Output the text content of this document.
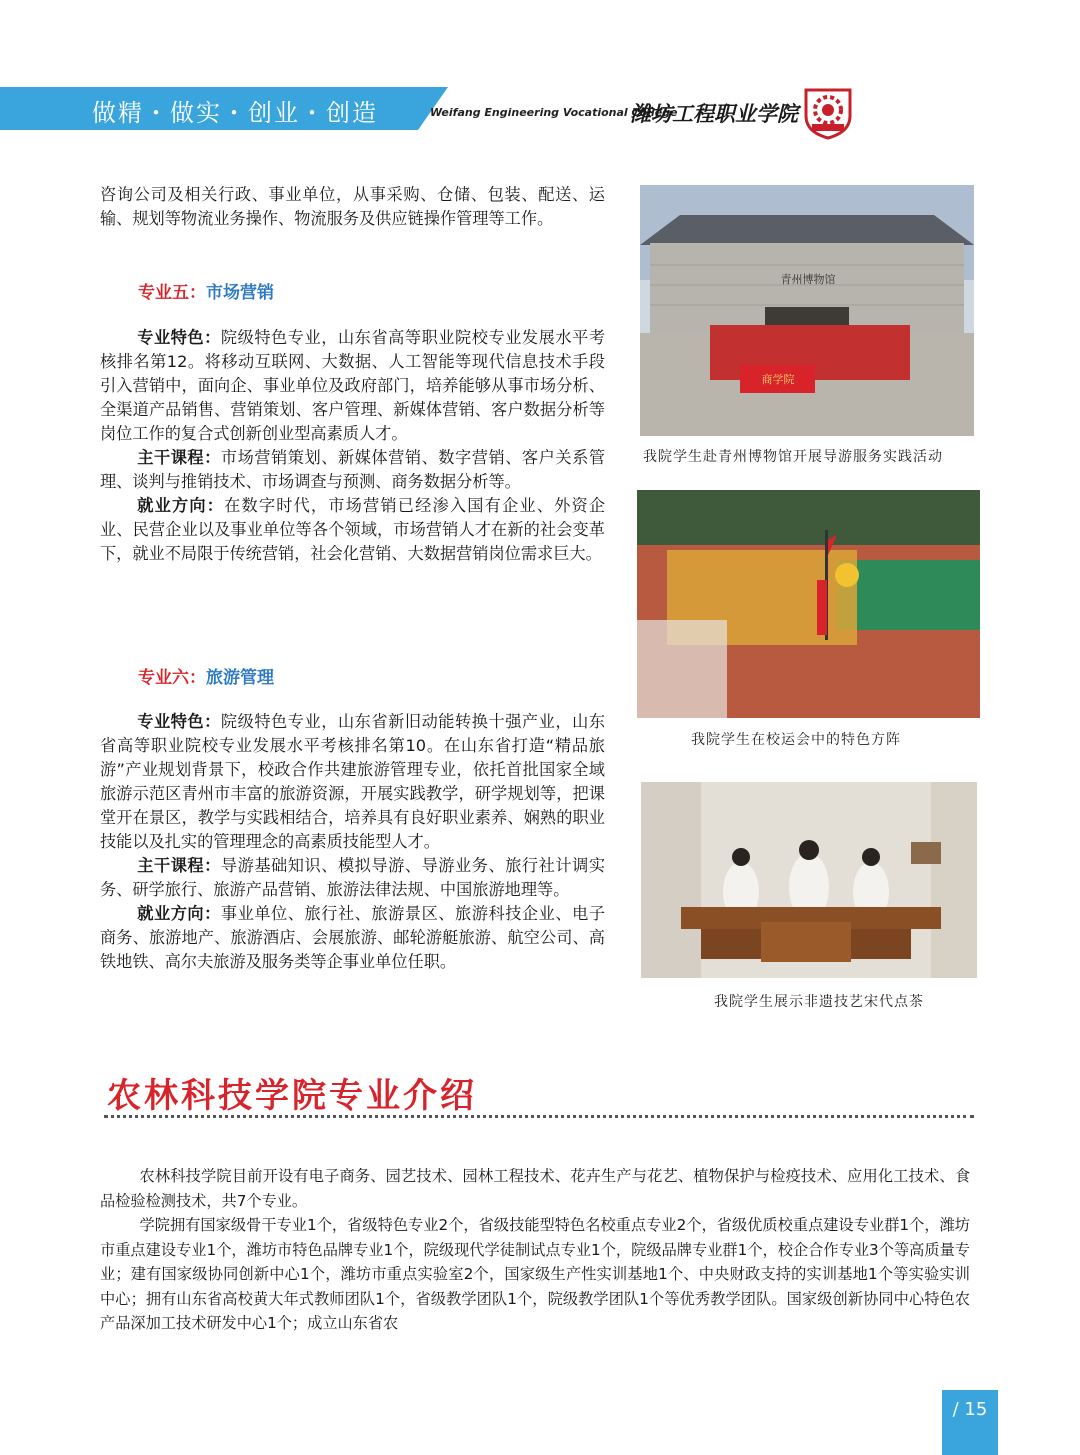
做精・做实・创业・创造	Weifang Engineering Vocational College
潍坊工程职业学院

咨询公司及相关行政、事业单位，从事采购、仓储、包装、配送、运输、规划等物流业务操作、物流服务及供应链操作管理等工作。

专业五：市场营销

专业特色：院级特色专业，山东省高等职业院校专业发展水平考核排名第12。将移动互联网、大数据、人工智能等现代信息技术手段引入营销中，面向企、事业单位及政府部门，培养能够从事市场分析、全渠道产品销售、营销策划、客户管理、新媒体营销、客户数据分析等岗位工作的复合式创新创业型高素质人才。

主干课程：市场营销策划、新媒体营销、数字营销、客户关系管理、谈判与推销技术、市场调查与预测、商务数据分析等。

就业方向：在数字时代，市场营销已经渗入国有企业、外资企业、民营企业以及事业单位等各个领域，市场营销人才在新的社会变革下，就业不局限于传统营销，社会化营销、大数据营销岗位需求巨大。

专业六：旅游管理

专业特色：院级特色专业，山东省新旧动能转换十强产业，山东省高等职业院校专业发展水平考核排名第10。在山东省打造“精品旅游”产业规划背景下，校政合作共建旅游管理专业，依托首批国家全域旅游示范区青州市丰富的旅游资源，开展实践教学，研学规划等，把课堂开在景区，教学与实践相结合，培养具有良好职业素养、娴熟的职业技能以及扎实的管理理念的高素质技能型人才。

主干课程：导游基础知识、模拟导游、导游业务、旅行社计调实务、研学旅行、旅游产品营销、旅游法律法规、中国旅游地理等。

就业方向：事业单位、旅行社、旅游景区、旅游科技企业、电子商务、旅游地产、旅游酒店、会展旅游、邮轮游艇旅游、航空公司、高铁地铁、高尔夫旅游及服务类等企事业单位任职。

青州博物馆
商学院
我院学生赴青州博物馆开展导游服务实践活动
我院学生在校运会中的特色方阵
我院学生展示非遗技艺宋代点茶
农林科技学院专业介绍

农林科技学院目前开设有电子商务、园艺技术、园林工程技术、花卉生产与花艺、植物保护与检疫技术、应用化工技术、食品检验检测技术，共7个专业。

学院拥有国家级骨干专业1个，省级特色专业2个，省级技能型特色名校重点专业2个，省级优质校重点建设专业群1个，潍坊市重点建设专业1个，潍坊市特色品牌专业1个，院级现代学徒制试点专业1个，院级品牌专业群1个，校企合作专业3个等高质量专业；建有国家级协同创新中心1个，潍坊市重点实验室2个，国家级生产性实训基地1个、中央财政支持的实训基地1个等实验实训中心；拥有山东省高校黄大年式教师团队1个，省级教学团队1个，院级教学团队1个等优秀教学团队。国家级创新协同中心特色农产品深加工技术研发中心1个；成立山东省农

/ 15
